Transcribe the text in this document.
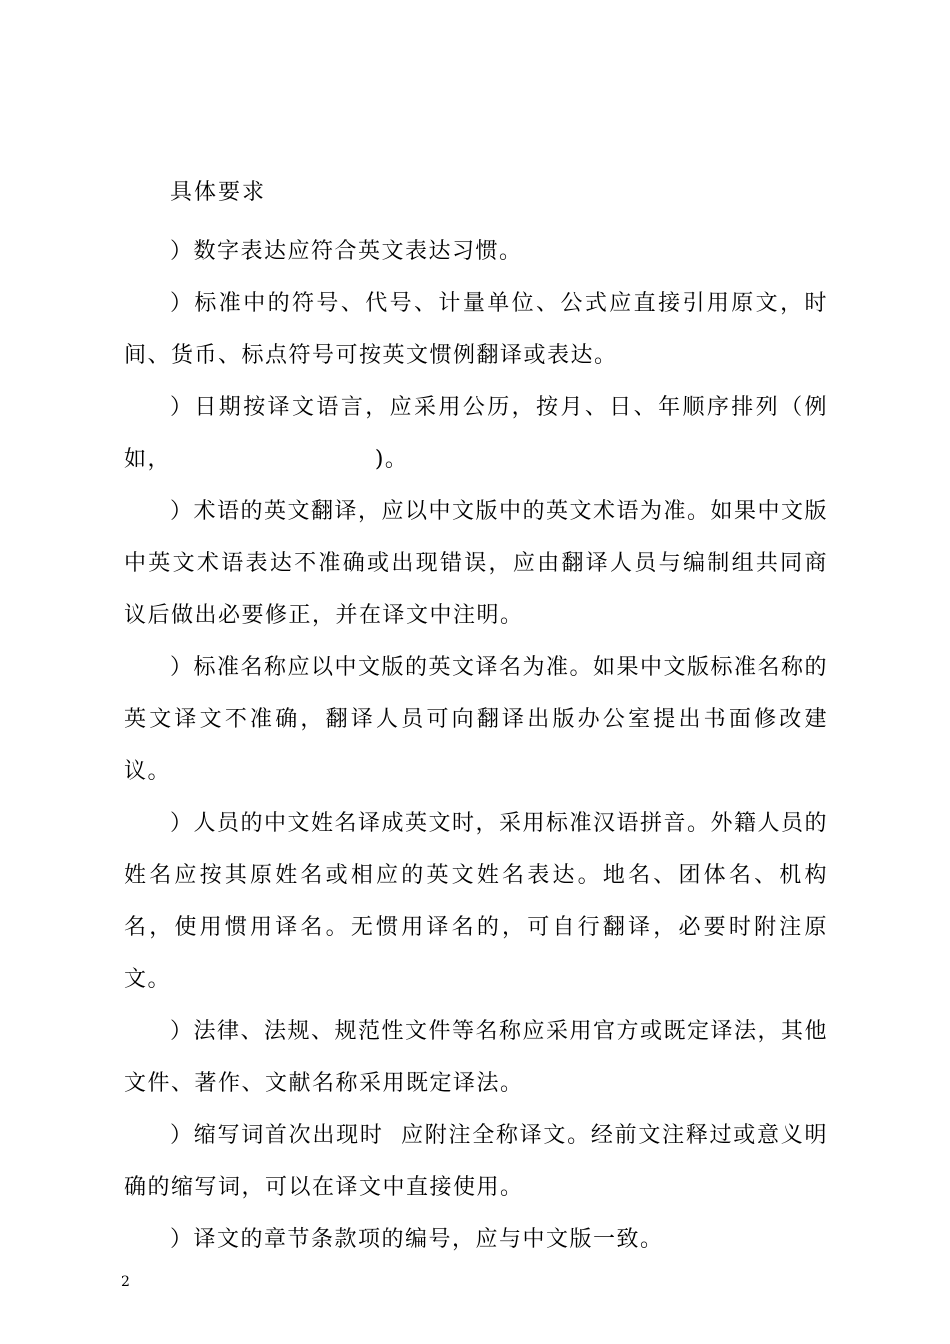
具体要求

）数字表达应符合英文表达习惯。

）标准中的符号、代号、计量单位、公式应直接引用原文，时间、货币、标点符号可按英文惯例翻译或表达。

）日期按译文语言，应采用公历，按月、日、年顺序排列（例如，                        )。

）术语的英文翻译，应以中文版中的英文术语为准。如果中文版中英文术语表达不准确或出现错误，应由翻译人员与编制组共同商议后做出必要修正，并在译文中注明。

）标准名称应以中文版的英文译名为准。如果中文版标准名称的英文译文不准确，翻译人员可向翻译出版办公室提出书面修改建议。

）人员的中文姓名译成英文时，采用标准汉语拼音。外籍人员的姓名应按其原姓名或相应的英文姓名表达。地名、团体名、机构名，使用惯用译名。无惯用译名的，可自行翻译，必要时附注原文。

）法律、法规、规范性文件等名称应采用官方或既定译法，其他文件、著作、文献名称采用既定译法。

）缩写词首次出现时  应附注全称译文。经前文注释过或意义明确的缩写词，可以在译文中直接使用。

）译文的章节条款项的编号，应与中文版一致。

2
